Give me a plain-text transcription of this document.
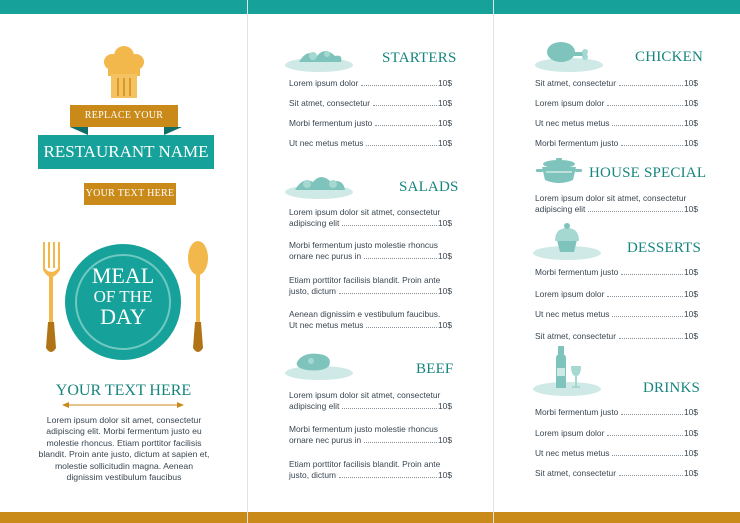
REPLACE YOUR
RESTAURANT NAME
YOUR TEXT HERE
MEAL
OF THE
DAY
YOUR TEXT HERE
Lorem ipsum dolor sit amet, consectetur adipiscing elit. Morbi fermentum justo eu molestie rhoncus. Etiam porttitor facilisis blandit. Proin ante justo, dictum at sapien et, molestie sollicitudin magna. Aenean dignissim vestibulum faucibus
STARTERS
Lorem ipsum dolor	10$
Sit atmet, consectetur	10$
Morbi fermentum justo	10$
Ut nec metus metus	10$
SALADS
Lorem ipsum dolor sit atmet, consectetur
adipiscing elit	10$
Morbi fermentum justo molestie rhoncus
ornare nec purus in	10$
Etiam porttitor facilisis blandit. Proin ante
justo, dictum	10$
Aenean dignissim e vestibulum faucibus.
Ut nec metus metus	10$
BEEF
Lorem ipsum dolor sit atmet, consectetur
adipiscing elit	10$
Morbi fermentum justo molestie rhoncus
ornare nec purus in	10$
Etiam porttitor facilisis blandit. Proin ante
justo, dictum	10$
CHICKEN
Sit atmet, consectetur	10$
Lorem ipsum dolor	10$
Ut nec metus metus	10$
Morbi fermentum justo	10$
HOUSE SPECIAL
Lorem ipsum dolor sit atmet, consectetur
adipiscing elit	10$
DESSERTS
Morbi fermentum justo	10$
Lorem ipsum dolor	10$
Ut nec metus metus	10$
Sit atmet, consectetur	10$
DRINKS
Morbi fermentum justo	10$
Lorem ipsum dolor	10$
Ut nec metus metus	10$
Sit atmet, consectetur	10$
